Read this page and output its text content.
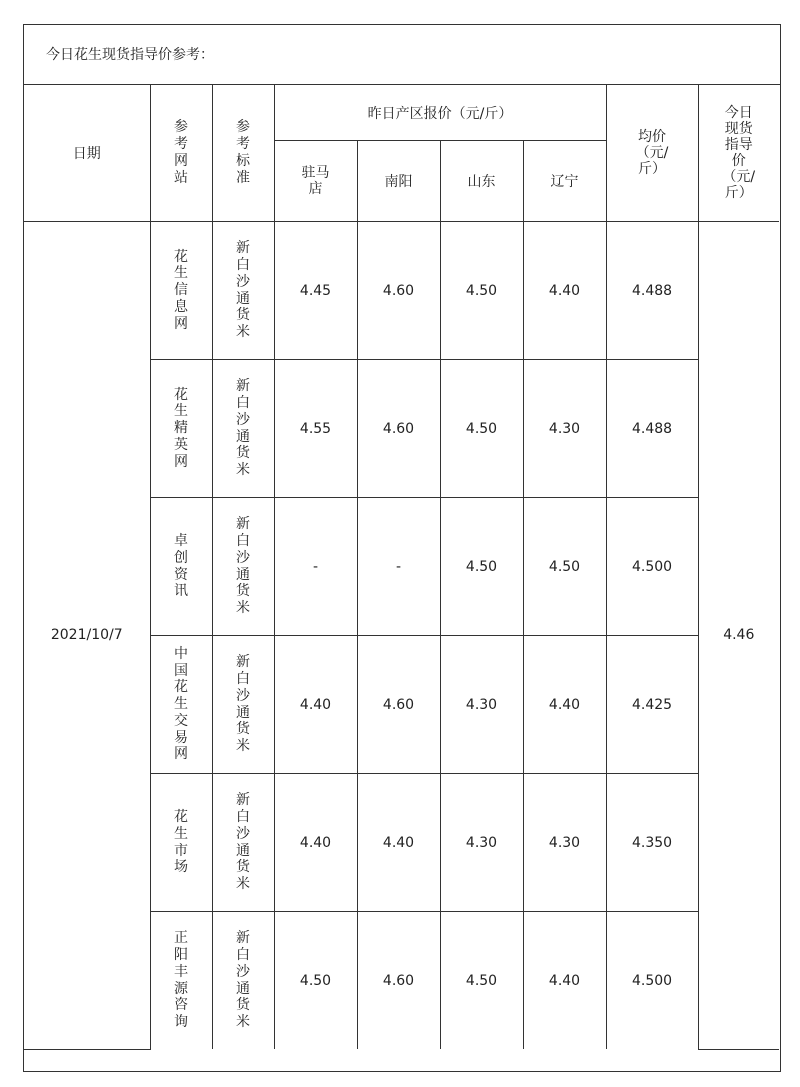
今日花生现货指导价参考：
日期	参考网站	参考标准	昨日产区报价（元/斤）				均价（元/斤）	今日现货指导价（元/斤）
			驻马店	南阳	山东	辽宁		
2021/10/7	花生信息网	新白沙通货米	4.45	4.60	4.50	4.40	4.488	4.46
	花生精英网	新白沙通货米	4.55	4.60	4.50	4.30	4.488	
	卓创资讯	新白沙通货米	-	-	4.50	4.50	4.500	
	中国花生交易网	新白沙通货米	4.40	4.60	4.30	4.40	4.425	
	花生市场	新白沙通货米	4.40	4.40	4.30	4.30	4.350	
	正阳丰源咨询	新白沙通货米	4.50	4.60	4.50	4.40	4.500	
